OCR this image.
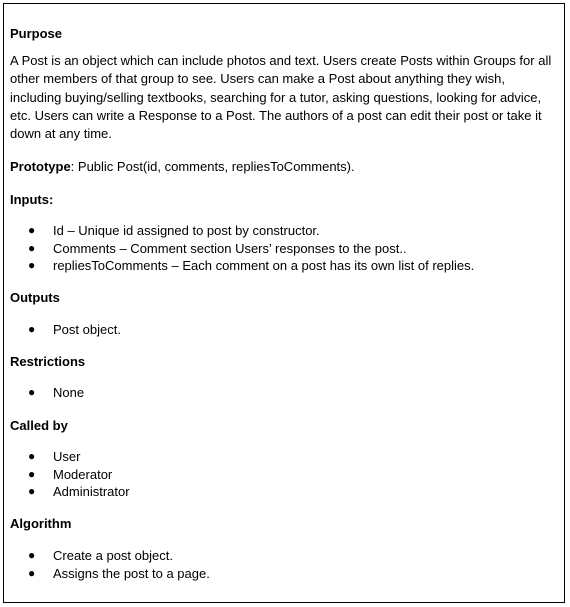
Purpose
A Post is an object which can include photos and text. Users create Posts within Groups for all other members of that group to see. Users can make a Post about anything they wish, including buying/selling textbooks, searching for a tutor, asking questions, looking for advice, etc. Users can write a Response to a Post. The authors of a post can edit their post or take it down at any time.
Prototype: Public Post(id, comments, repliesToComments).
Inputs:
● Id – Unique id assigned to post by constructor.
● Comments – Comment section Users’ responses to the post..
● repliesToComments – Each comment on a post has its own list of replies.
Outputs
● Post object.
Restrictions
● None
Called by
● User
● Moderator
● Administrator
Algorithm
● Create a post object.
● Assigns the post to a page.
